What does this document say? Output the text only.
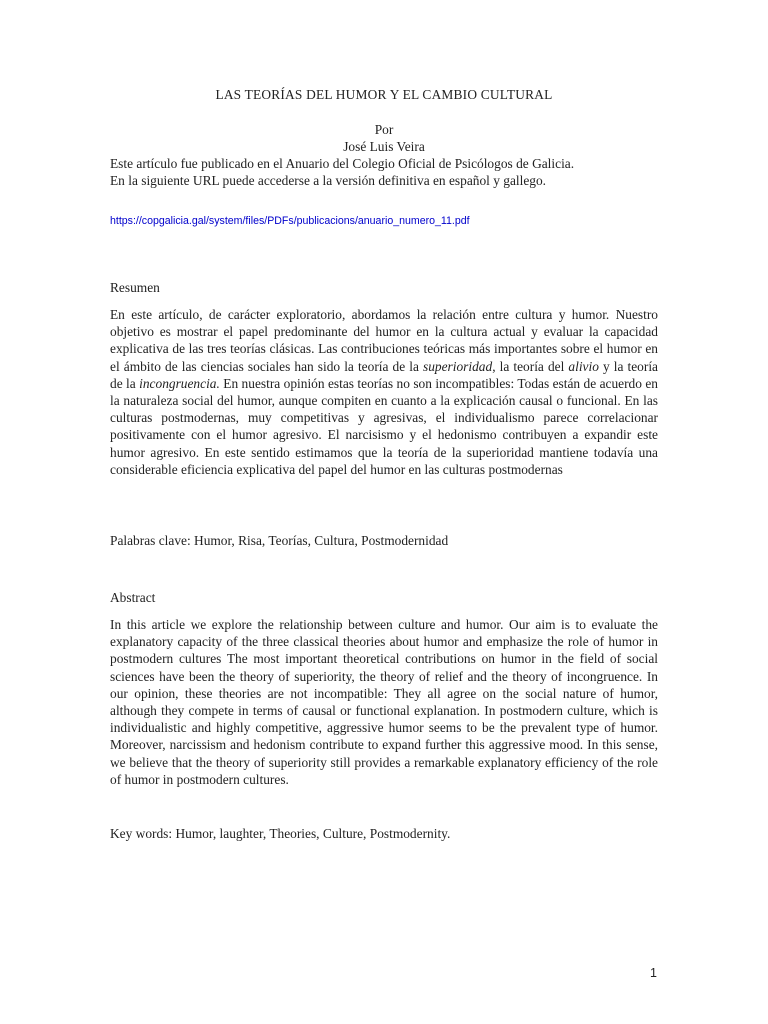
LAS TEORÍAS DEL HUMOR Y EL CAMBIO CULTURAL
Por
José Luis Veira

Este artículo fue publicado en el Anuario del Colegio Oficial de Psicólogos de Galicia.

En la siguiente URL puede accederse a la versión definitiva en español y gallego.

https://copgalicia.gal/system/files/PDFs/publicacions/anuario_numero_11.pdf
Resumen

En este artículo, de carácter exploratorio, abordamos la relación entre cultura y humor. Nuestro objetivo es mostrar el papel predominante del humor en la cultura actual y evaluar la capacidad explicativa de las tres teorías clásicas. Las contribuciones teóricas más importantes sobre el humor en el ámbito de las ciencias sociales han sido la teoría de la superioridad, la teoría del alivio y la teoría de la incongruencia. En nuestra opinión estas teorías no son incompatibles: Todas están de acuerdo en la naturaleza social del humor, aunque compiten en cuanto a la explicación causal o funcional. En las culturas postmodernas, muy competitivas y agresivas, el individualismo parece correlacionar positivamente con el humor agresivo. El narcisismo y el hedonismo contribuyen a expandir este humor agresivo. En este sentido estimamos que la teoría de la superioridad mantiene todavía una considerable eficiencia explicativa del papel del humor en las culturas postmodernas

Palabras clave: Humor, Risa, Teorías, Cultura, Postmodernidad

Abstract

In this article we explore the relationship between culture and humor. Our aim is to evaluate the explanatory capacity of the three classical theories about humor and emphasize the role of humor in postmodern cultures The most important theoretical contributions on humor in the field of social sciences have been the theory of superiority, the theory of relief and the theory of incongruence. In our opinion, these theories are not incompatible: They all agree on the social nature of humor, although they compete in terms of causal or functional explanation. In postmodern culture, which is individualistic and highly competitive, aggressive humor seems to be the prevalent type of humor. Moreover, narcissism and hedonism contribute to expand further this aggressive mood. In this sense, we believe that the theory of superiority still provides a remarkable explanatory efficiency of the role of humor in postmodern cultures.

Key words: Humor, laughter, Theories, Culture, Postmodernity.

1
